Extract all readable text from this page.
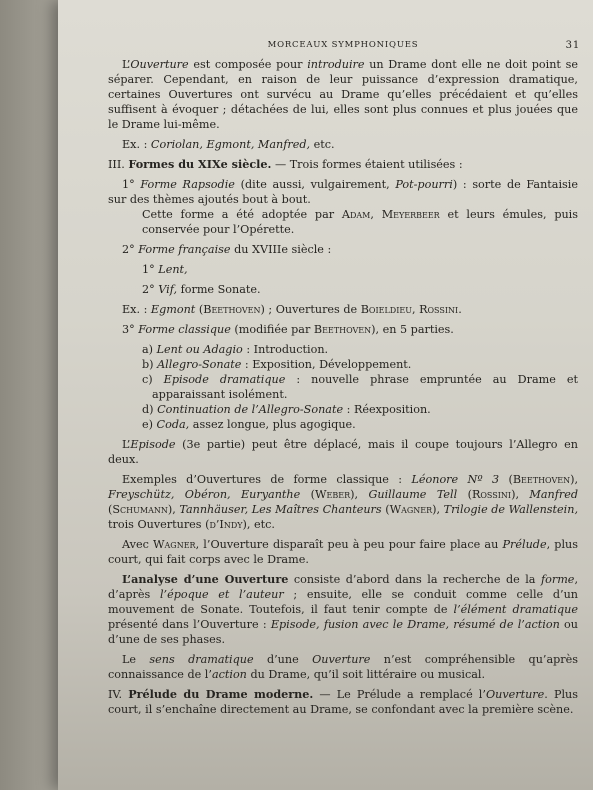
MORCEAUX SYMPHONIQUES	31

L’Ouverture est composée pour introduire un Drame dont elle ne doit point se séparer. Cependant, en raison de leur puissance d’expression dramatique, certaines Ouvertures ont survécu au Drame qu’elles précédaient et qu’elles suffisent à évoquer ; détachées de lui, elles sont plus connues et plus jouées que le Drame lui-même.

Ex. : Coriolan, Egmont, Manfred, etc.

III. Formes du XIXe siècle. — Trois formes étaient utilisées :

1° Forme Rapsodie (dite aussi, vulgairement, Pot-pourri) : sorte de Fantaisie sur des thèmes ajoutés bout à bout.

Cette forme a été adoptée par Adam, Meyerbeer et leurs émules, puis conservée pour l’Opérette.

2° Forme française du XVIIIe siècle :

1° Lent,

2° Vif, forme Sonate.

Ex. : Egmont (Beethoven) ; Ouvertures de Boieldieu, Rossini.

3° Forme classique (modifiée par Beethoven), en 5 parties.

a) Lent ou Adagio : Introduction.

b) Allegro-Sonate : Exposition, Développement.

c) Episode dramatique : nouvelle phrase empruntée au Drame et apparaissant isolément.

d) Continuation de l’Allegro-Sonate : Réexposition.

e) Coda, assez longue, plus agogique.

L’Episode (3e partie) peut être déplacé, mais il coupe toujours l’Allegro en deux.

Exemples d’Ouvertures de forme classique : Léonore Nº 3 (Beethoven), Freyschütz, Obéron, Euryanthe (Weber), Guillaume Tell (Rossini), Manfred (Schumann), Tannhäuser, Les Maîtres Chanteurs (Wagner), Trilogie de Wallenstein, trois Ouvertures (d’Indy), etc.

Avec Wagner, l’Ouverture disparaît peu à peu pour faire place au Prélude, plus court, qui fait corps avec le Drame.

L’analyse d’une Ouverture consiste d’abord dans la recherche de la forme, d’après l’époque et l’auteur ; ensuite, elle se conduit comme celle d’un mouvement de Sonate. Toutefois, il faut tenir compte de l’élément dramatique présenté dans l’Ouverture : Episode, fusion avec le Drame, résumé de l’action ou d’une de ses phases.

Le sens dramatique d’une Ouverture n’est compréhensible qu’après connaissance de l’action du Drame, qu’il soit littéraire ou musical.

IV. Prélude du Drame moderne. — Le Prélude a remplacé l’Ouverture. Plus court, il s’enchaîne directement au Drame, se confondant avec la première scène.
